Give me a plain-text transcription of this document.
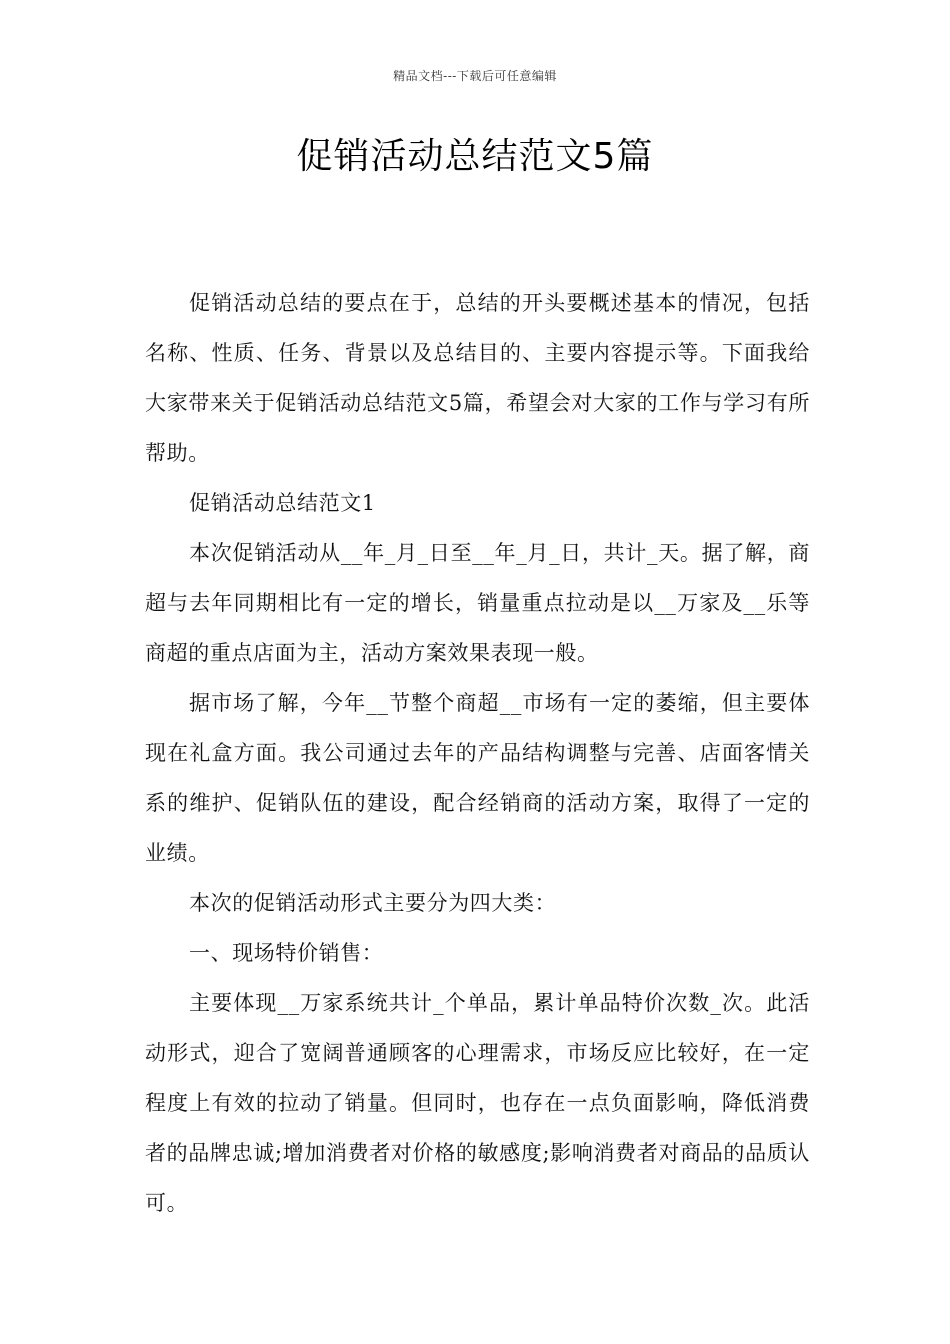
精品文档---下载后可任意编辑
促销活动总结范文5篇

促销活动总结的要点在于，总结的开头要概述基本的情况，包括名称、性质、任务、背景以及总结目的、主要内容提示等。下面我给大家带来关于促销活动总结范文5篇，希望会对大家的工作与学习有所帮助。

促销活动总结范文1

本次促销活动从__年_月_日至__年_月_日，共计_天。据了解，商超与去年同期相比有一定的增长，销量重点拉动是以__万家及__乐等商超的重点店面为主，活动方案效果表现一般。

据市场了解，今年__节整个商超__市场有一定的萎缩，但主要体现在礼盒方面。我公司通过去年的产品结构调整与完善、店面客情关系的维护、促销队伍的建设，配合经销商的活动方案，取得了一定的业绩。

本次的促销活动形式主要分为四大类：

一、现场特价销售：

主要体现__万家系统共计_个单品，累计单品特价次数_次。此活动形式，迎合了宽阔普通顾客的心理需求，市场反应比较好，在一定程度上有效的拉动了销量。但同时，也存在一点负面影响，降低消费者的品牌忠诚;增加消费者对价格的敏感度;影响消费者对商品的品质认可。
